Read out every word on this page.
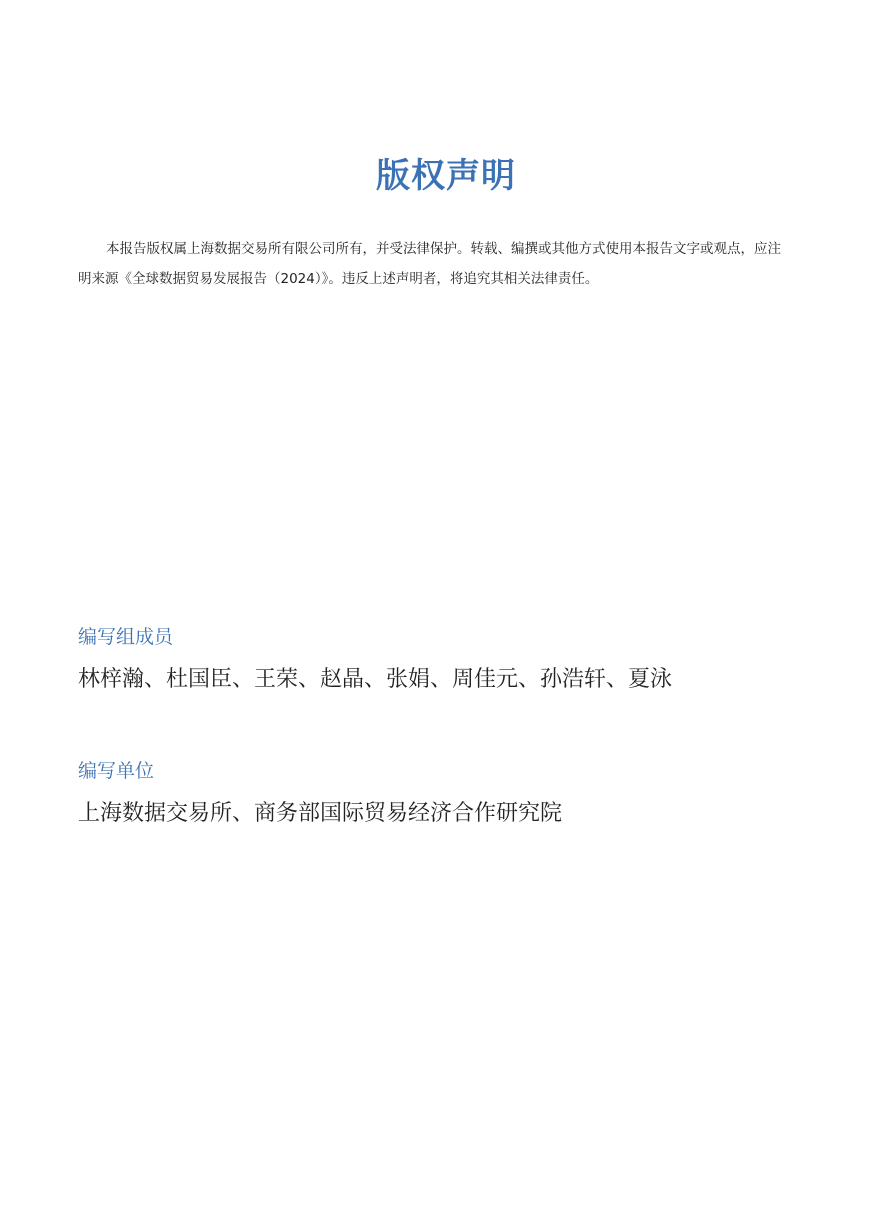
版权声明

本报告版权属上海数据交易所有限公司所有，并受法律保护。转载、编撰或其他方式使用本报告文字或观点，应注明来源《全球数据贸易发展报告（2024）》。违反上述声明者，将追究其相关法律责任。

编写组成员
林梓瀚、杜国臣、王荣、赵晶、张娟、周佳元、孙浩轩、夏泳
编写单位
上海数据交易所、商务部国际贸易经济合作研究院
